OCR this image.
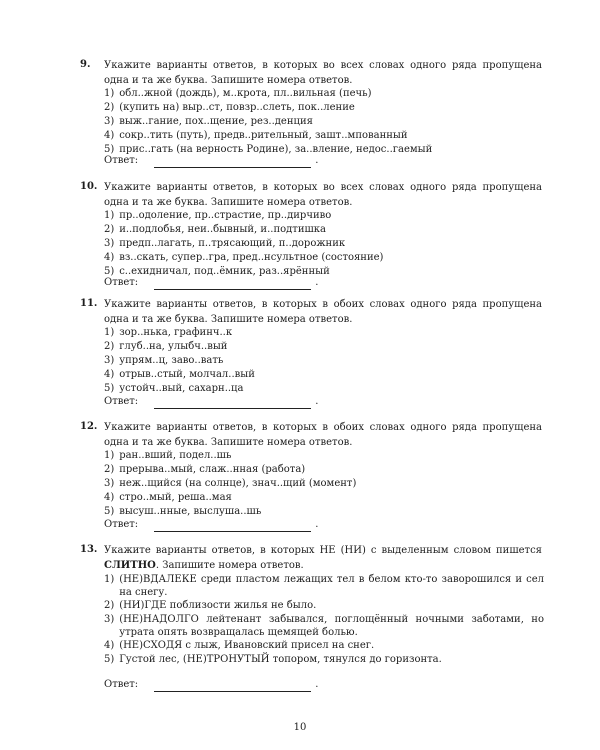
9. Укажите варианты ответов, в которых во всех словах одного ряда пропущена одна и та же буква. Запишите номера ответов.
1) обл..жной (дождь), м..крота, пл..вильная (печь)
2) (купить на) выр..ст, повзр..слеть, пок..ление
3) выж..гание, пох..щение, рез..денция
4) сокр..тить (путь), предв..рительный, зашт..мпованный
5) прис..гать (на верность Родине), за..вление, недос..гаемый
Ответ:	.
10. Укажите варианты ответов, в которых во всех словах одного ряда пропущена одна и та же буква. Запишите номера ответов.
1) пр..одоление, пр..страстие, пр..дирчиво
2) и..подлобья, неи..бывный, и..подтишка
3) предп..лагать, п..трясающий, п..дорожник
4) вз..скать, супер..гра, пред..нсультное (состояние)
5) с..ехидничал, под..ёмник, раз..ярённый
Ответ:	.
11. Укажите варианты ответов, в которых в обоих словах одного ряда пропущена одна и та же буква. Запишите номера ответов.
1) зор..нька, графинч..к
2) глуб..на, улыбч..вый
3) упрям..ц, заво..вать
4) отрыв..стый, молчал..вый
5) устойч..вый, сахарн..ца
Ответ:	.
12. Укажите варианты ответов, в которых в обоих словах одного ряда пропущена одна и та же буква. Запишите номера ответов.
1) ран..вший, подел..шь
2) прерыва..мый, слаж..нная (работа)
3) неж..щийся (на солнце), знач..щий (момент)
4) стро..мый, реша..мая
5) высуш..нные, выслуша..шь
Ответ:	.
13. Укажите варианты ответов, в которых НЕ (НИ) с выделенным словом пишется СЛИТНО. Запишите номера ответов.
1)
(НЕ)ВДАЛЕКЕ среди пластом лежащих тел в белом кто-то заворошился и сел на снегу.
2) (НИ)ГДЕ поблизости жилья не было.
3)
(НЕ)НАДОЛГО лейтенант забывался, поглощённый ночными заботами, но утрата опять возвращалась щемящей болью.
4) (НЕ)СХОДЯ с лыж, Ивановский присел на снег.
5) Густой лес, (НЕ)ТРОНУТЫЙ топором, тянулся до горизонта.
Ответ:	.
10
